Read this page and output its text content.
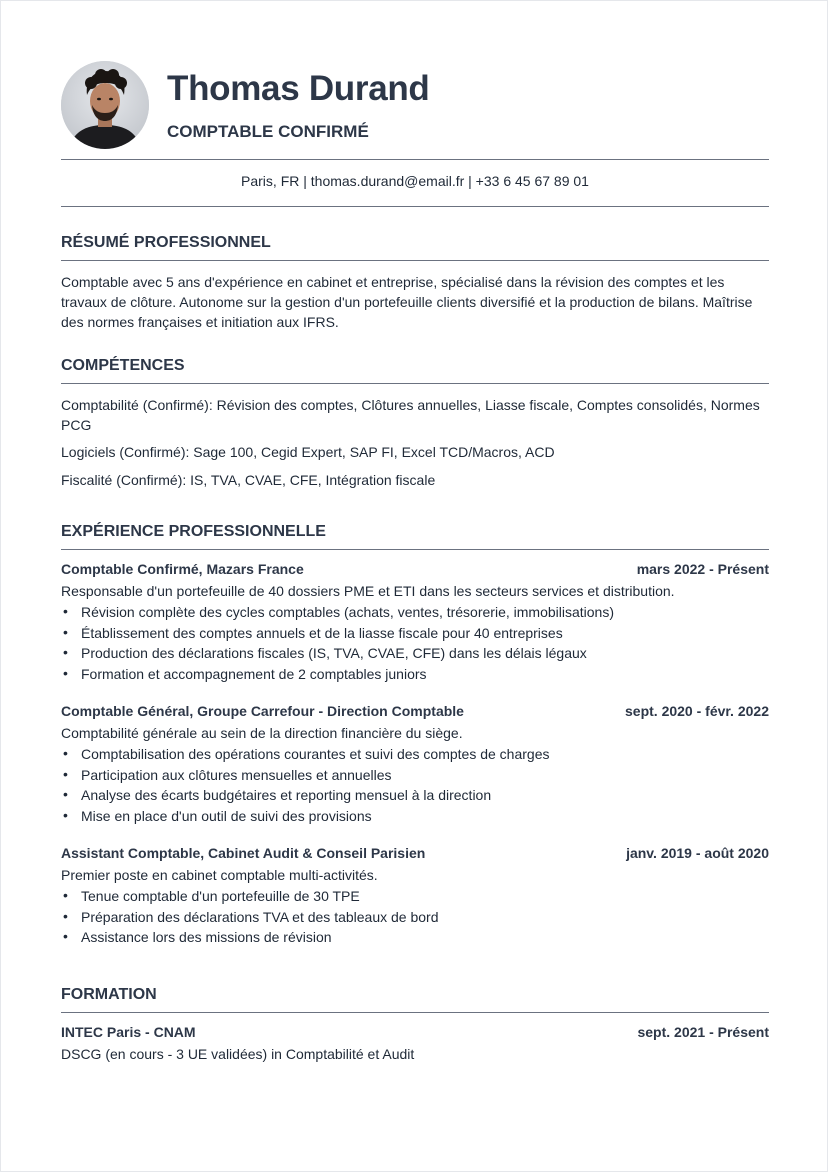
Thomas Durand
COMPTABLE CONFIRMÉ
Paris, FR | thomas.durand@email.fr | +33 6 45 67 89 01
RÉSUMÉ PROFESSIONNEL
Comptable avec 5 ans d'expérience en cabinet et entreprise, spécialisé dans la révision des comptes et les travaux de clôture. Autonome sur la gestion d'un portefeuille clients diversifié et la production de bilans. Maîtrise des normes françaises et initiation aux IFRS.
COMPÉTENCES
Comptabilité (Confirmé): Révision des comptes, Clôtures annuelles, Liasse fiscale, Comptes consolidés, Normes PCG
Logiciels (Confirmé): Sage 100, Cegid Expert, SAP FI, Excel TCD/Macros, ACD
Fiscalité (Confirmé): IS, TVA, CVAE, CFE, Intégration fiscale
EXPÉRIENCE PROFESSIONNELLE
Comptable Confirmé, Mazars France	mars 2022 - Présent
Responsable d'un portefeuille de 40 dossiers PME et ETI dans les secteurs services et distribution.
• Révision complète des cycles comptables (achats, ventes, trésorerie, immobilisations)
• Établissement des comptes annuels et de la liasse fiscale pour 40 entreprises
• Production des déclarations fiscales (IS, TVA, CVAE, CFE) dans les délais légaux
• Formation et accompagnement de 2 comptables juniors
Comptable Général, Groupe Carrefour - Direction Comptable	sept. 2020 - févr. 2022
Comptabilité générale au sein de la direction financière du siège.
• Comptabilisation des opérations courantes et suivi des comptes de charges
• Participation aux clôtures mensuelles et annuelles
• Analyse des écarts budgétaires et reporting mensuel à la direction
• Mise en place d'un outil de suivi des provisions
Assistant Comptable, Cabinet Audit & Conseil Parisien	janv. 2019 - août 2020
Premier poste en cabinet comptable multi-activités.
• Tenue comptable d'un portefeuille de 30 TPE
• Préparation des déclarations TVA et des tableaux de bord
• Assistance lors des missions de révision
FORMATION
INTEC Paris - CNAM	sept. 2021 - Présent
DSCG (en cours - 3 UE validées) in Comptabilité et Audit
